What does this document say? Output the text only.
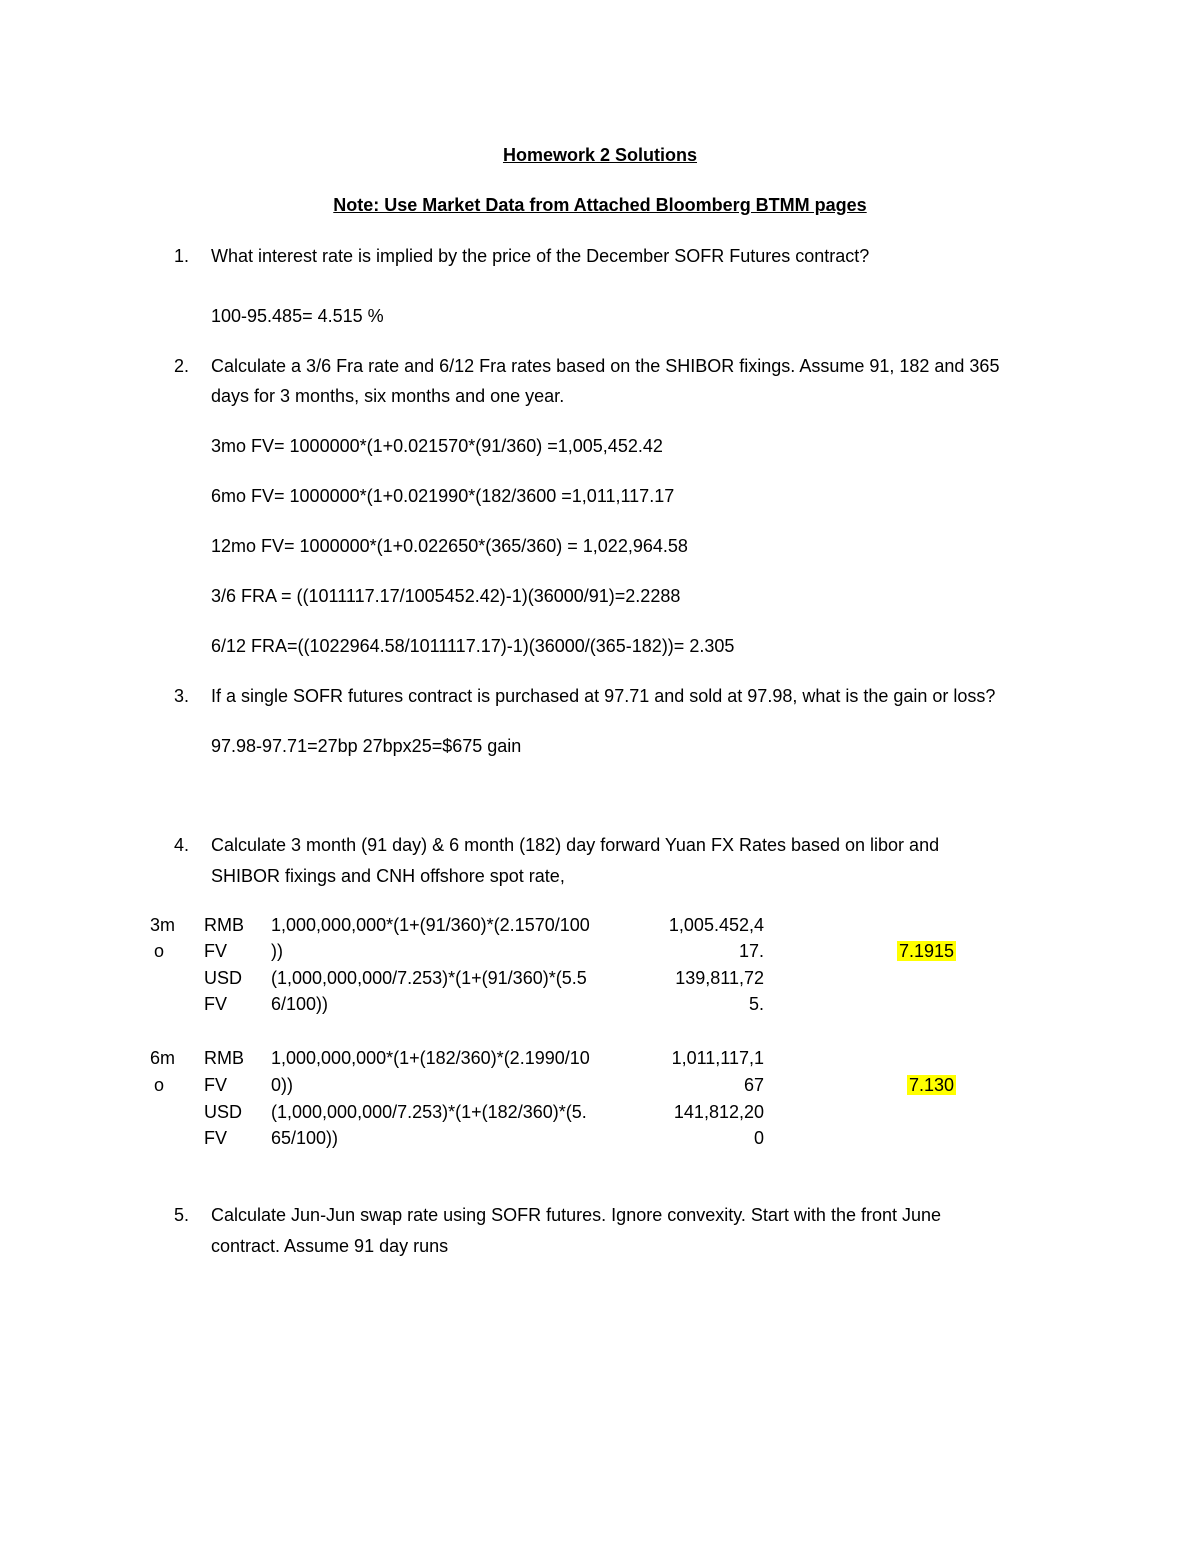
Homework 2 Solutions
Note: Use Market Data from Attached Bloomberg BTMM pages
1. What interest rate is implied by the price of the December SOFR Futures contract?
100-95.485= 4.515 %
2. Calculate a 3/6 Fra rate and 6/12 Fra rates based on the SHIBOR fixings. Assume 91, 182 and 365
days for 3 months, six months and one year.
3mo FV= 1000000*(1+0.021570*(91/360) =1,005,452.42
6mo FV= 1000000*(1+0.021990*(182/3600 =1,011,117.17
12mo FV= 1000000*(1+0.022650*(365/360) = 1,022,964.58
3/6 FRA = ((1011117.17/1005452.42)-1)(36000/91)=2.2288
6/12 FRA=((1022964.58/1011117.17)-1)(36000/(365-182))= 2.305
3. If a single SOFR futures contract is purchased at 97.71 and sold at 97.98, what is the gain or loss?
97.98-97.71=27bp 27bpx25=$675 gain
4. Calculate 3 month (91 day) & 6 month (182) day forward Yuan FX Rates based on libor and
SHIBOR fixings and CNH offshore spot rate,
3m
o
RMB
FV
1,000,000,000*(1+(91/360)*(2.1570/100
))
1,005.452,4
17.
USD
FV
(1,000,000,000/7.253)*(1+(91/360)*(5.5
6/100))
139,811,72
5.
7.1915
6m
o
RMB
FV
1,000,000,000*(1+(182/360)*(2.1990/10
0))
1,011,117,1
67
USD
FV
(1,000,000,000/7.253)*(1+(182/360)*(5.
65/100))
141,812,20
0
7.130
5. Calculate Jun-Jun swap rate using SOFR futures. Ignore convexity. Start with the front June
contract. Assume 91 day runs
